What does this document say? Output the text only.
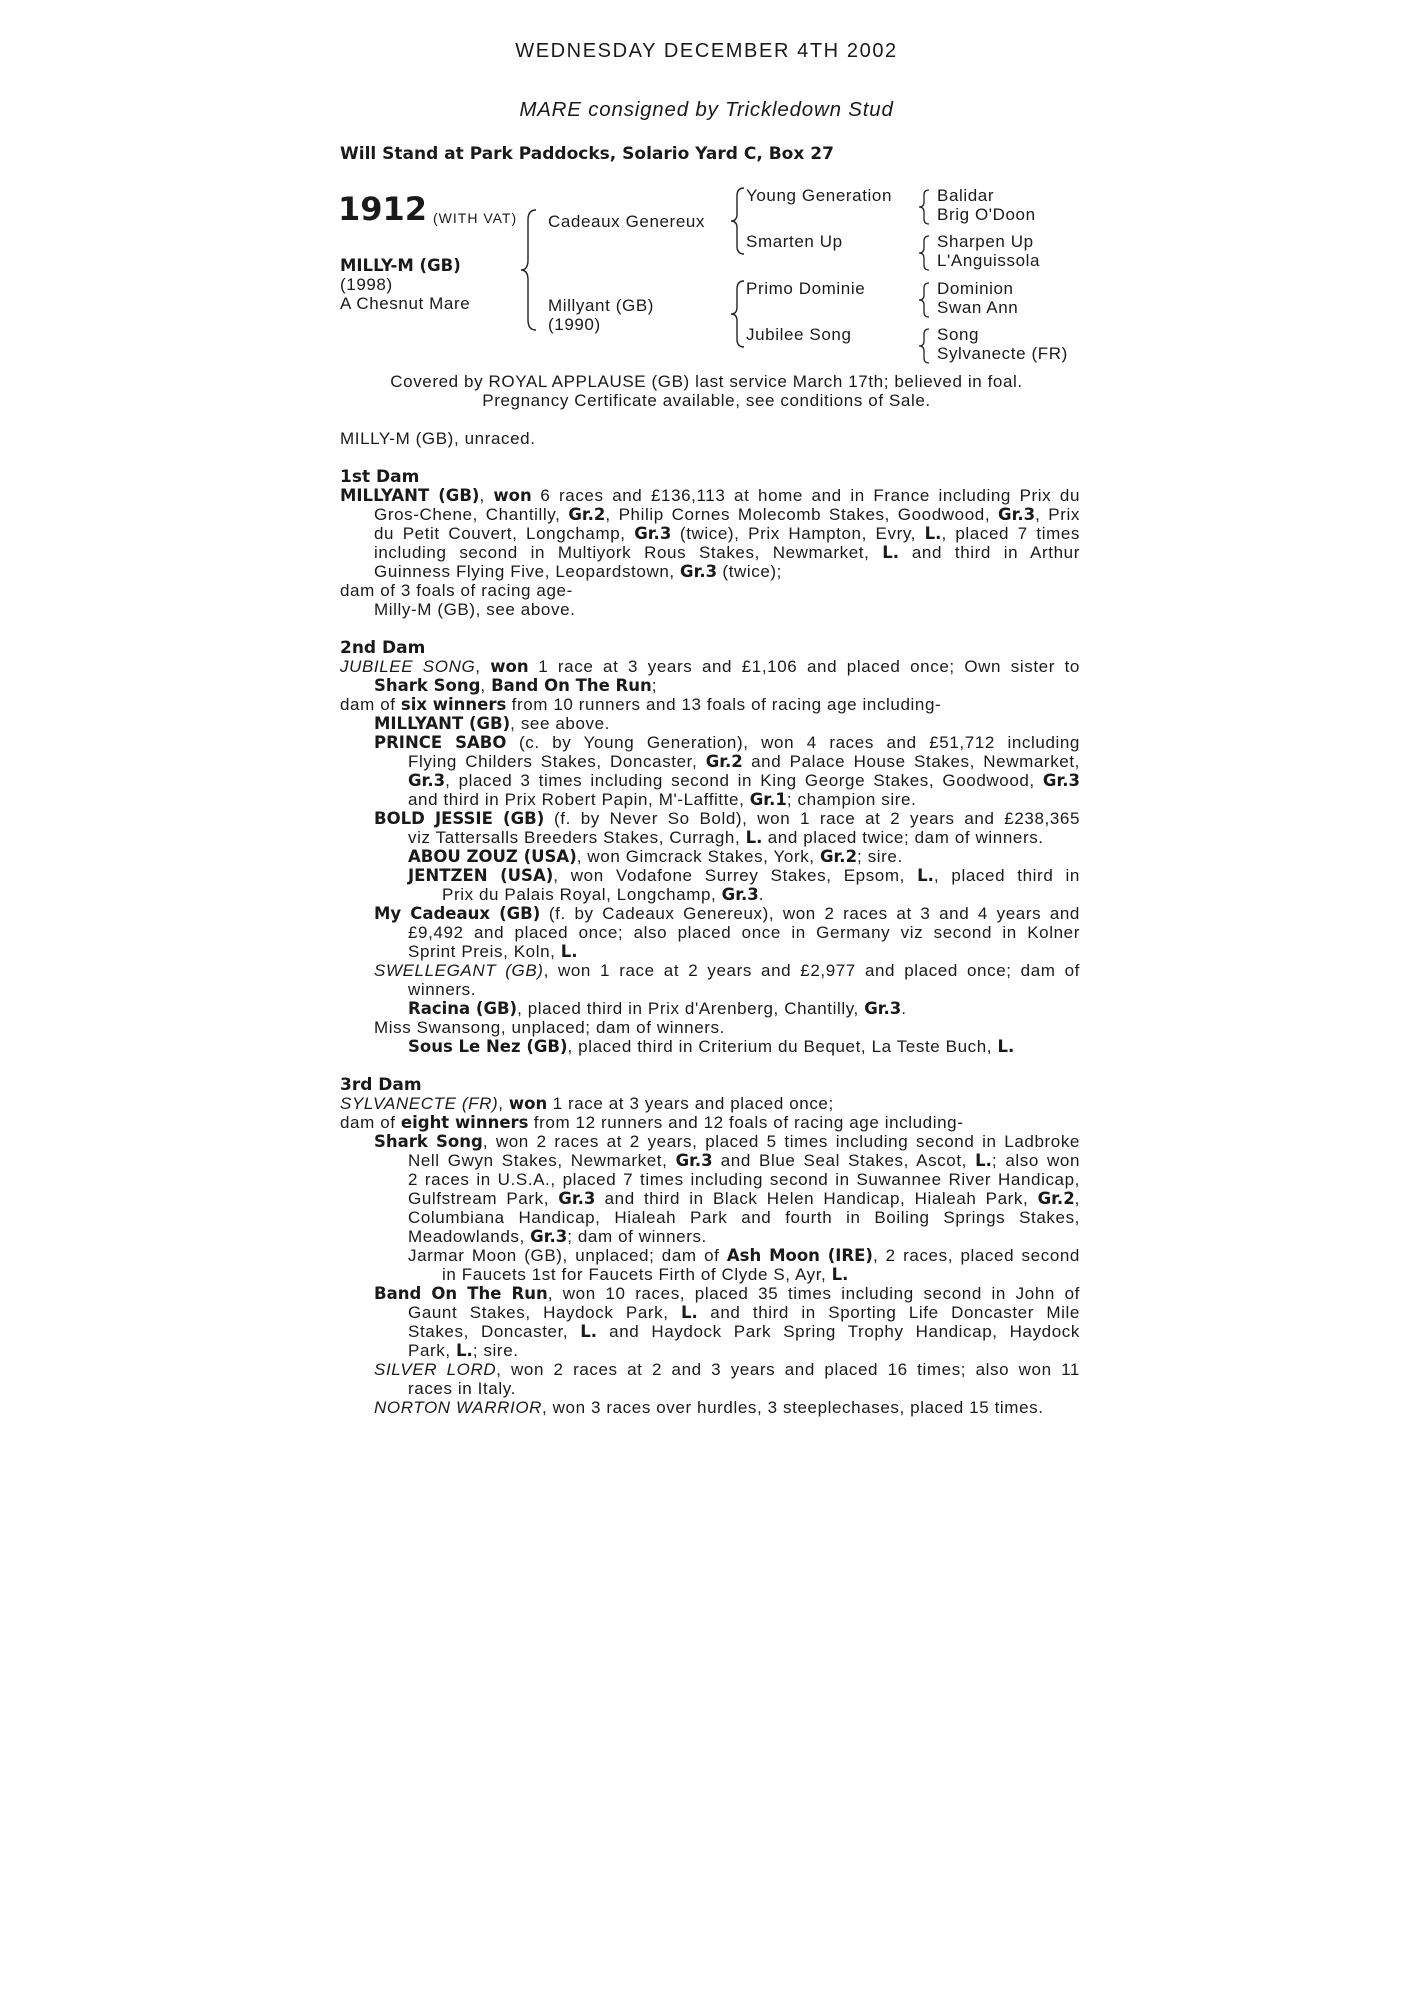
WEDNESDAY DECEMBER 4TH 2002
MARE consigned by Trickledown Stud
Will Stand at Park Paddocks, Solario Yard C, Box 27
1912 (WITH VAT)
MILLY-M (GB)
(1998)
A Chesnut Mare
Cadeaux Genereux
Millyant (GB)
(1990)
Young Generation
Smarten Up
Primo Dominie
Jubilee Song
Balidar
Brig O'Doon
Sharpen Up
L'Anguissola
Dominion
Swan Ann
Song
Sylvanecte (FR)
Covered by ROYAL APPLAUSE (GB) last service March 17th; believed in foal.
Pregnancy Certificate available, see conditions of Sale.
MILLY-M (GB), unraced.
1st Dam
MILLYANT (GB), won 6 races and £136,113 at home and in France including Prix du
Gros-Chene, Chantilly, Gr.2, Philip Cornes Molecomb Stakes, Goodwood, Gr.3, Prix
du Petit Couvert, Longchamp, Gr.3 (twice), Prix Hampton, Evry, L., placed 7 times
including second in Multiyork Rous Stakes, Newmarket, L. and third in Arthur
Guinness Flying Five, Leopardstown, Gr.3 (twice);
dam of 3 foals of racing age-
Milly-M (GB), see above.
2nd Dam
JUBILEE SONG, won 1 race at 3 years and £1,106 and placed once; Own sister to
Shark Song, Band On The Run;
dam of six winners from 10 runners and 13 foals of racing age including-
MILLYANT (GB), see above.
PRINCE SABO (c. by Young Generation), won 4 races and £51,712 including
Flying Childers Stakes, Doncaster, Gr.2 and Palace House Stakes, Newmarket,
Gr.3, placed 3 times including second in King George Stakes, Goodwood, Gr.3
and third in Prix Robert Papin, M'-Laffitte, Gr.1; champion sire.
BOLD JESSIE (GB) (f. by Never So Bold), won 1 race at 2 years and £238,365
viz Tattersalls Breeders Stakes, Curragh, L. and placed twice; dam of winners.
ABOU ZOUZ (USA), won Gimcrack Stakes, York, Gr.2; sire.
JENTZEN (USA), won Vodafone Surrey Stakes, Epsom, L., placed third in
Prix du Palais Royal, Longchamp, Gr.3.
My Cadeaux (GB) (f. by Cadeaux Genereux), won 2 races at 3 and 4 years and
£9,492 and placed once; also placed once in Germany viz second in Kolner
Sprint Preis, Koln, L.
SWELLEGANT (GB), won 1 race at 2 years and £2,977 and placed once; dam of
winners.
Racina (GB), placed third in Prix d'Arenberg, Chantilly, Gr.3.
Miss Swansong, unplaced; dam of winners.
Sous Le Nez (GB), placed third in Criterium du Bequet, La Teste Buch, L.
3rd Dam
SYLVANECTE (FR), won 1 race at 3 years and placed once;
dam of eight winners from 12 runners and 12 foals of racing age including-
Shark Song, won 2 races at 2 years, placed 5 times including second in Ladbroke
Nell Gwyn Stakes, Newmarket, Gr.3 and Blue Seal Stakes, Ascot, L.; also won
2 races in U.S.A., placed 7 times including second in Suwannee River Handicap,
Gulfstream Park, Gr.3 and third in Black Helen Handicap, Hialeah Park, Gr.2,
Columbiana Handicap, Hialeah Park and fourth in Boiling Springs Stakes,
Meadowlands, Gr.3; dam of winners.
Jarmar Moon (GB), unplaced; dam of Ash Moon (IRE), 2 races, placed second
in Faucets 1st for Faucets Firth of Clyde S, Ayr, L.
Band On The Run, won 10 races, placed 35 times including second in John of
Gaunt Stakes, Haydock Park, L. and third in Sporting Life Doncaster Mile
Stakes, Doncaster, L. and Haydock Park Spring Trophy Handicap, Haydock
Park, L.; sire.
SILVER LORD, won 2 races at 2 and 3 years and placed 16 times; also won 11
races in Italy.
NORTON WARRIOR, won 3 races over hurdles, 3 steeplechases, placed 15 times.
